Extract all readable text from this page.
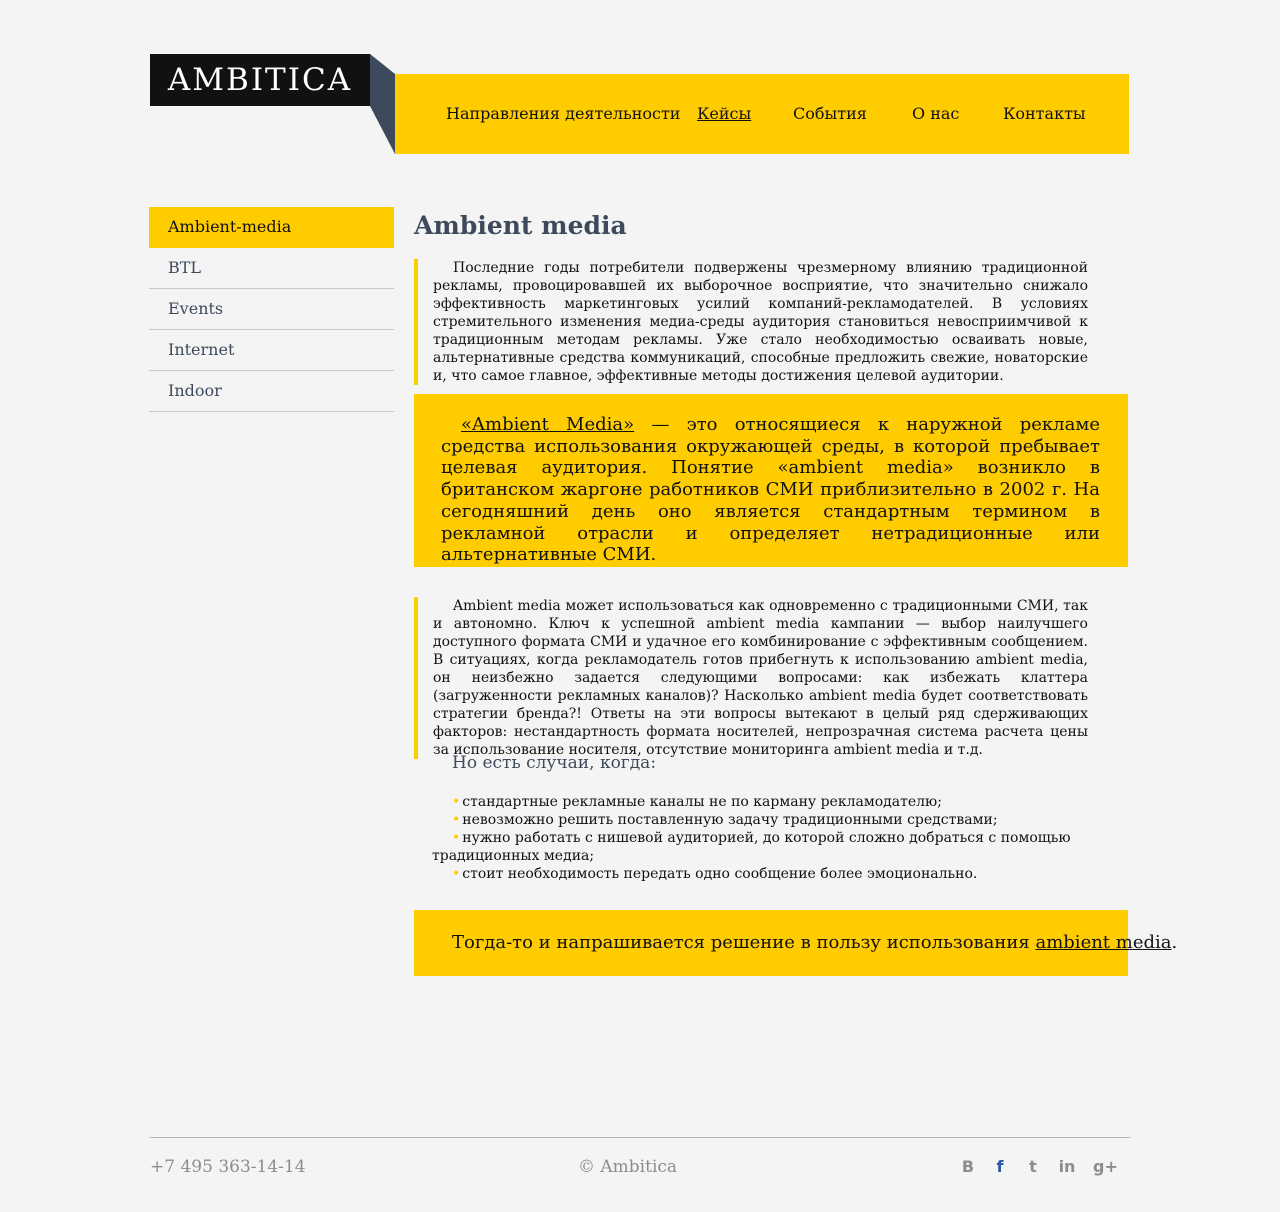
AMBITICA
Направления деятельности Кейсы	События	О нас	Контакты
Ambient-media
BTL
Events
Internet
Indoor
Ambient media

Последние годы потребители подвержены чрезмерному влиянию традиционной рекламы, провоцировавшей их выборочное восприятие, что значительно снижало эффективность маркетинговых усилий компаний-рекламодателей. В условиях стремительного изменения медиа-среды аудитория становиться невосприимчивой к традиционным методам рекламы. Уже стало необходимостью осваивать новые, альтернативные средства коммуникаций, способные предложить свежие, новаторские и, что самое главное, эффективные методы достижения целевой аудитории.

«Ambient Media» — это относящиеся к наружной рекламе средства использования окружающей среды, в которой пребывает целевая аудитория. Понятие «ambient media» возникло в британском жаргоне работников СМИ приблизительно в 2002 г. На сегодняшний день оно является стандартным термином в рекламной отрасли и определяет нетрадиционные или альтернативные СМИ.

Ambient media может использоваться как одновременно с традиционными СМИ, так и автономно. Ключ к успешной ambient media кампании — выбор наилучшего доступного формата СМИ и удачное его комбинирование с эффективным сообщением. В ситуациях, когда рекламодатель готов прибегнуть к использованию ambient media, он неизбежно задается следующими вопросами: как избежать клаттера (загруженности рекламных каналов)? Насколько ambient media будет соответствовать стратегии бренда?! Ответы на эти вопросы вытекают в целый ряд сдерживающих факторов: нестандартность формата носителей, непрозрачная система расчета цены за использование носителя, отсутствие мониторинга ambient media и т.д.

Но есть случаи, когда:
• стандартные рекламные каналы не по карману рекламодателю;
• невозможно решить поставленную задачу традиционными средствами;
• нужно работать с нишевой аудиторией, до которой сложно добраться с помощью традиционных медиа;
• стоит необходимость передать одно сообщение более эмоционально.
Тогда-то и напрашивается решение в пользу использования ambient media.
+7 495 363-14-14	© Ambitica	В	f	t	in g+
